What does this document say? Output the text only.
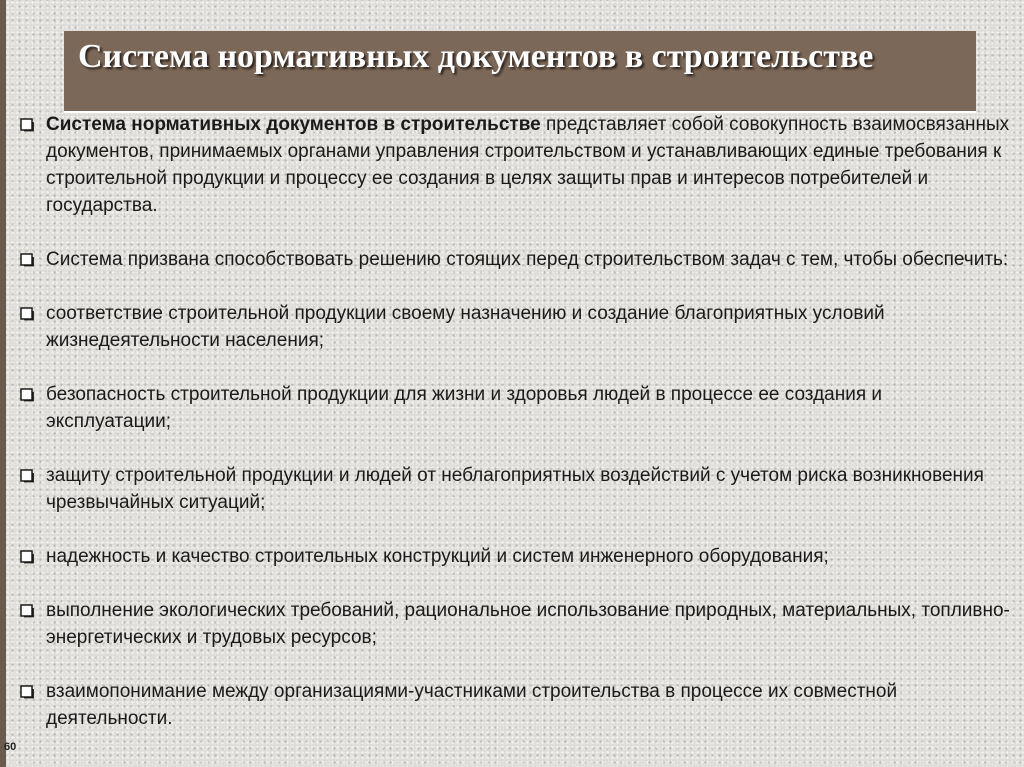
Система нормативных документов в строительстве
Система нормативных документов в строительстве представляет собой совокупность взаимосвязанных документов, принимаемых органами управления строительством и устанавливающих единые требования к строительной продукции и процессу ее создания в целях защиты прав и интересов потребителей и государства.
Система призвана способствовать решению стоящих перед строительством задач с тем, чтобы обеспечить:
соответствие строительной продукции своему назначению и создание благоприятных условий жизнедеятельности населения;
безопасность строительной продукции для жизни и здоровья людей в процессе ее создания и эксплуатации;
защиту строительной продукции и людей от неблагоприятных воздействий с учетом риска возникновения чрезвычайных ситуаций;
надежность и качество строительных конструкций и систем инженерного оборудования;
выполнение экологических требований, рациональное использование природных, материальных, топливно-энергетических и трудовых ресурсов;
взаимопонимание между организациями-участниками строительства в процессе их совместной деятельности.
60
